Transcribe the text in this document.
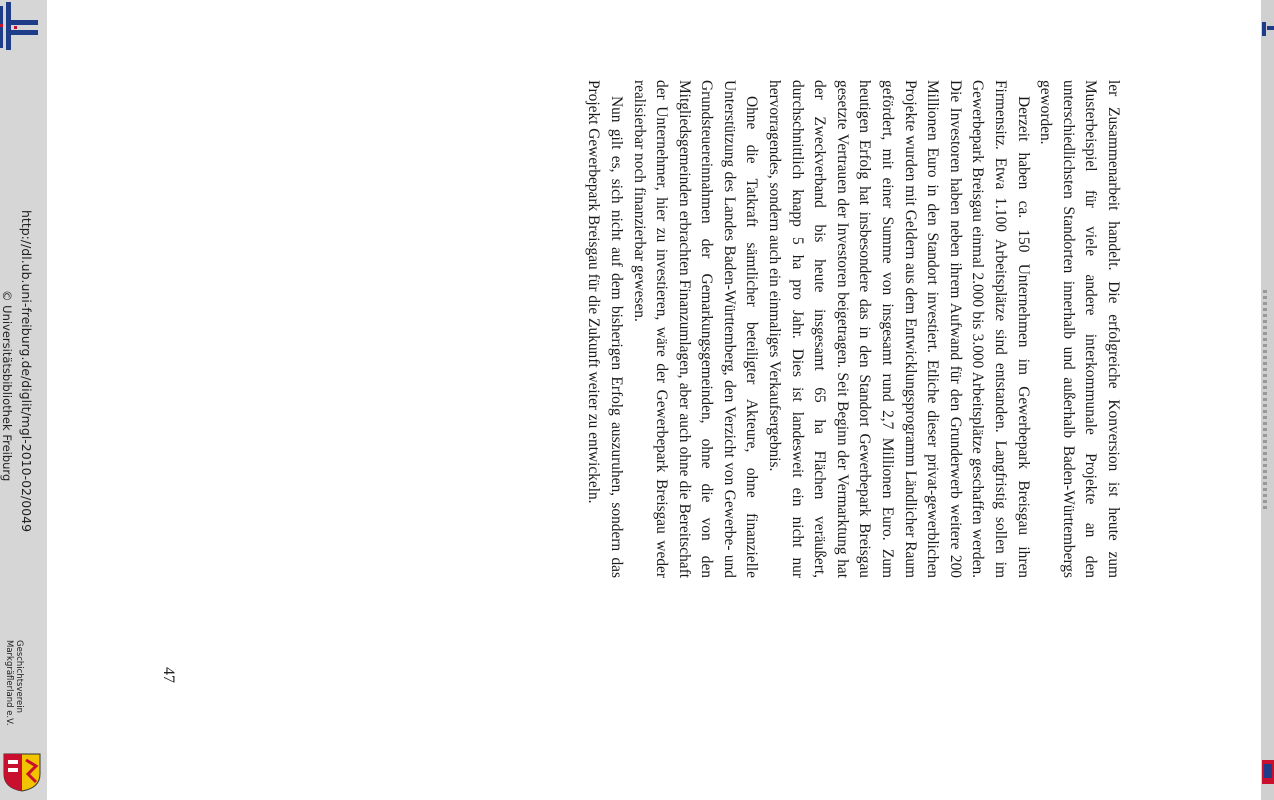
ler Zusammenarbeit handelt. Die erfolgreiche Konversion ist heute zum Musterbeispiel für viele andere interkommunale Projekte an den unterschiedlichsten Standorten innerhalb und außerhalb Baden-Württembergs geworden.

Derzeit haben ca. 150 Unternehmen im Gewerbepark Breisgau ihren Firmensitz. Etwa 1.100 Arbeitsplätze sind entstanden. Langfristig sollen im Gewerbepark Breisgau einmal 2.000 bis 3.000 Arbeitsplätze geschaffen werden. Die Investoren haben neben ihrem Aufwand für den Grunderwerb weitere 200 Millionen Euro in den Standort investiert. Etliche dieser privat-gewerblichen Projekte wurden mit Geldern aus dem Entwicklungsprogramm Ländlicher Raum gefördert, mit einer Summe von insgesamt rund 2,7 Millionen Euro. Zum heutigen Erfolg hat insbesondere das in den Standort Gewerbepark Breisgau gesetzte Vertrauen der Investoren beigetragen. Seit Beginn der Vermarktung hat der Zweckverband bis heute insgesamt 65 ha Flächen veräußert, durchschnittlich knapp 5 ha pro Jahr. Dies ist landesweit ein nicht nur hervorragendes, sondern auch ein einmaliges Verkaufsergebnis.

Ohne die Tatkraft sämtlicher beteiligter Akteure, ohne finanzielle Unterstützung des Landes Baden-Württemberg, den Verzicht von Gewerbe- und Grundsteuereinnahmen der Gemarkungsgemeinden, ohne die von den Mitgliedsgemeinden erbrachten Finanzumlagen, aber auch ohne die Bereitschaft der Unternehmer, hier zu investieren, wäre der Gewerbepark Breisgau weder realisierbar noch finanzierbar gewesen.

Nun gilt es, sich nicht auf dem bisherigen Erfolg auszuruhen, sondern das Projekt Gewerbepark Breisgau für die Zukunft weiter zu entwickeln.

47
http://dl.ub.uni-freiburg.de/diglit/mgl-2010-02/0049
© Universitätsbibliothek Freiburg
Geschichtsverein
Markgräflerland e.V.
